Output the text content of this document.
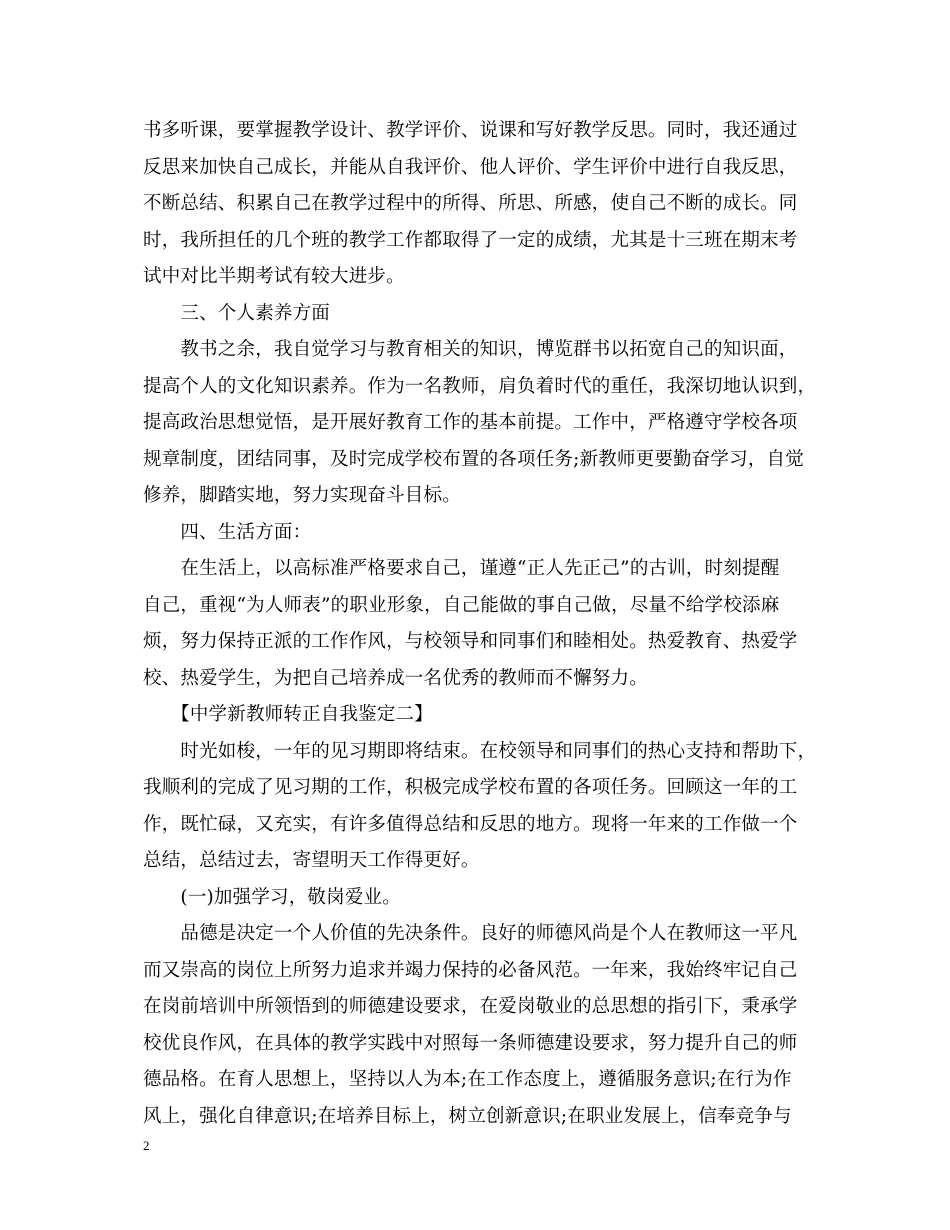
书多听课，要掌握教学设计、教学评价、说课和写好教学反思。同时，我还通过
反思来加快自己成长，并能从自我评价、他人评价、学生评价中进行自我反思，
不断总结、积累自己在教学过程中的所得、所思、所感，使自己不断的成长。同
时，我所担任的几个班的教学工作都取得了一定的成绩，尤其是十三班在期末考
试中对比半期考试有较大进步。
　　三、个人素养方面
　　教书之余，我自觉学习与教育相关的知识，博览群书以拓宽自己的知识面，
提高个人的文化知识素养。作为一名教师，肩负着时代的重任，我深切地认识到，
提高政治思想觉悟，是开展好教育工作的基本前提。工作中，严格遵守学校各项
规章制度，团结同事，及时完成学校布置的各项任务;新教师更要勤奋学习，自觉
修养，脚踏实地，努力实现奋斗目标。
　　四、生活方面：
　　在生活上，以高标准严格要求自己，谨遵“正人先正己”的古训，时刻提醒
自己，重视“为人师表”的职业形象，自己能做的事自己做，尽量不给学校添麻
烦，努力保持正派的工作作风，与校领导和同事们和睦相处。热爱教育、热爱学
校、热爱学生，为把自己培养成一名优秀的教师而不懈努力。
　　【中学新教师转正自我鉴定二】
　　时光如梭，一年的见习期即将结束。在校领导和同事们的热心支持和帮助下，
我顺利的完成了见习期的工作，积极完成学校布置的各项任务。回顾这一年的工
作，既忙碌，又充实，有许多值得总结和反思的地方。现将一年来的工作做一个
总结，总结过去，寄望明天工作得更好。
　　(一)加强学习，敬岗爱业。
　　品德是决定一个人价值的先决条件。良好的师德风尚是个人在教师这一平凡
而又崇高的岗位上所努力追求并竭力保持的必备风范。一年来，我始终牢记自己
在岗前培训中所领悟到的师德建设要求，在爱岗敬业的总思想的指引下，秉承学
校优良作风，在具体的教学实践中对照每一条师德建设要求，努力提升自己的师
德品格。在育人思想上，坚持以人为本;在工作态度上，遵循服务意识;在行为作
风上，强化自律意识;在培养目标上，树立创新意识;在职业发展上，信奉竞争与
2
